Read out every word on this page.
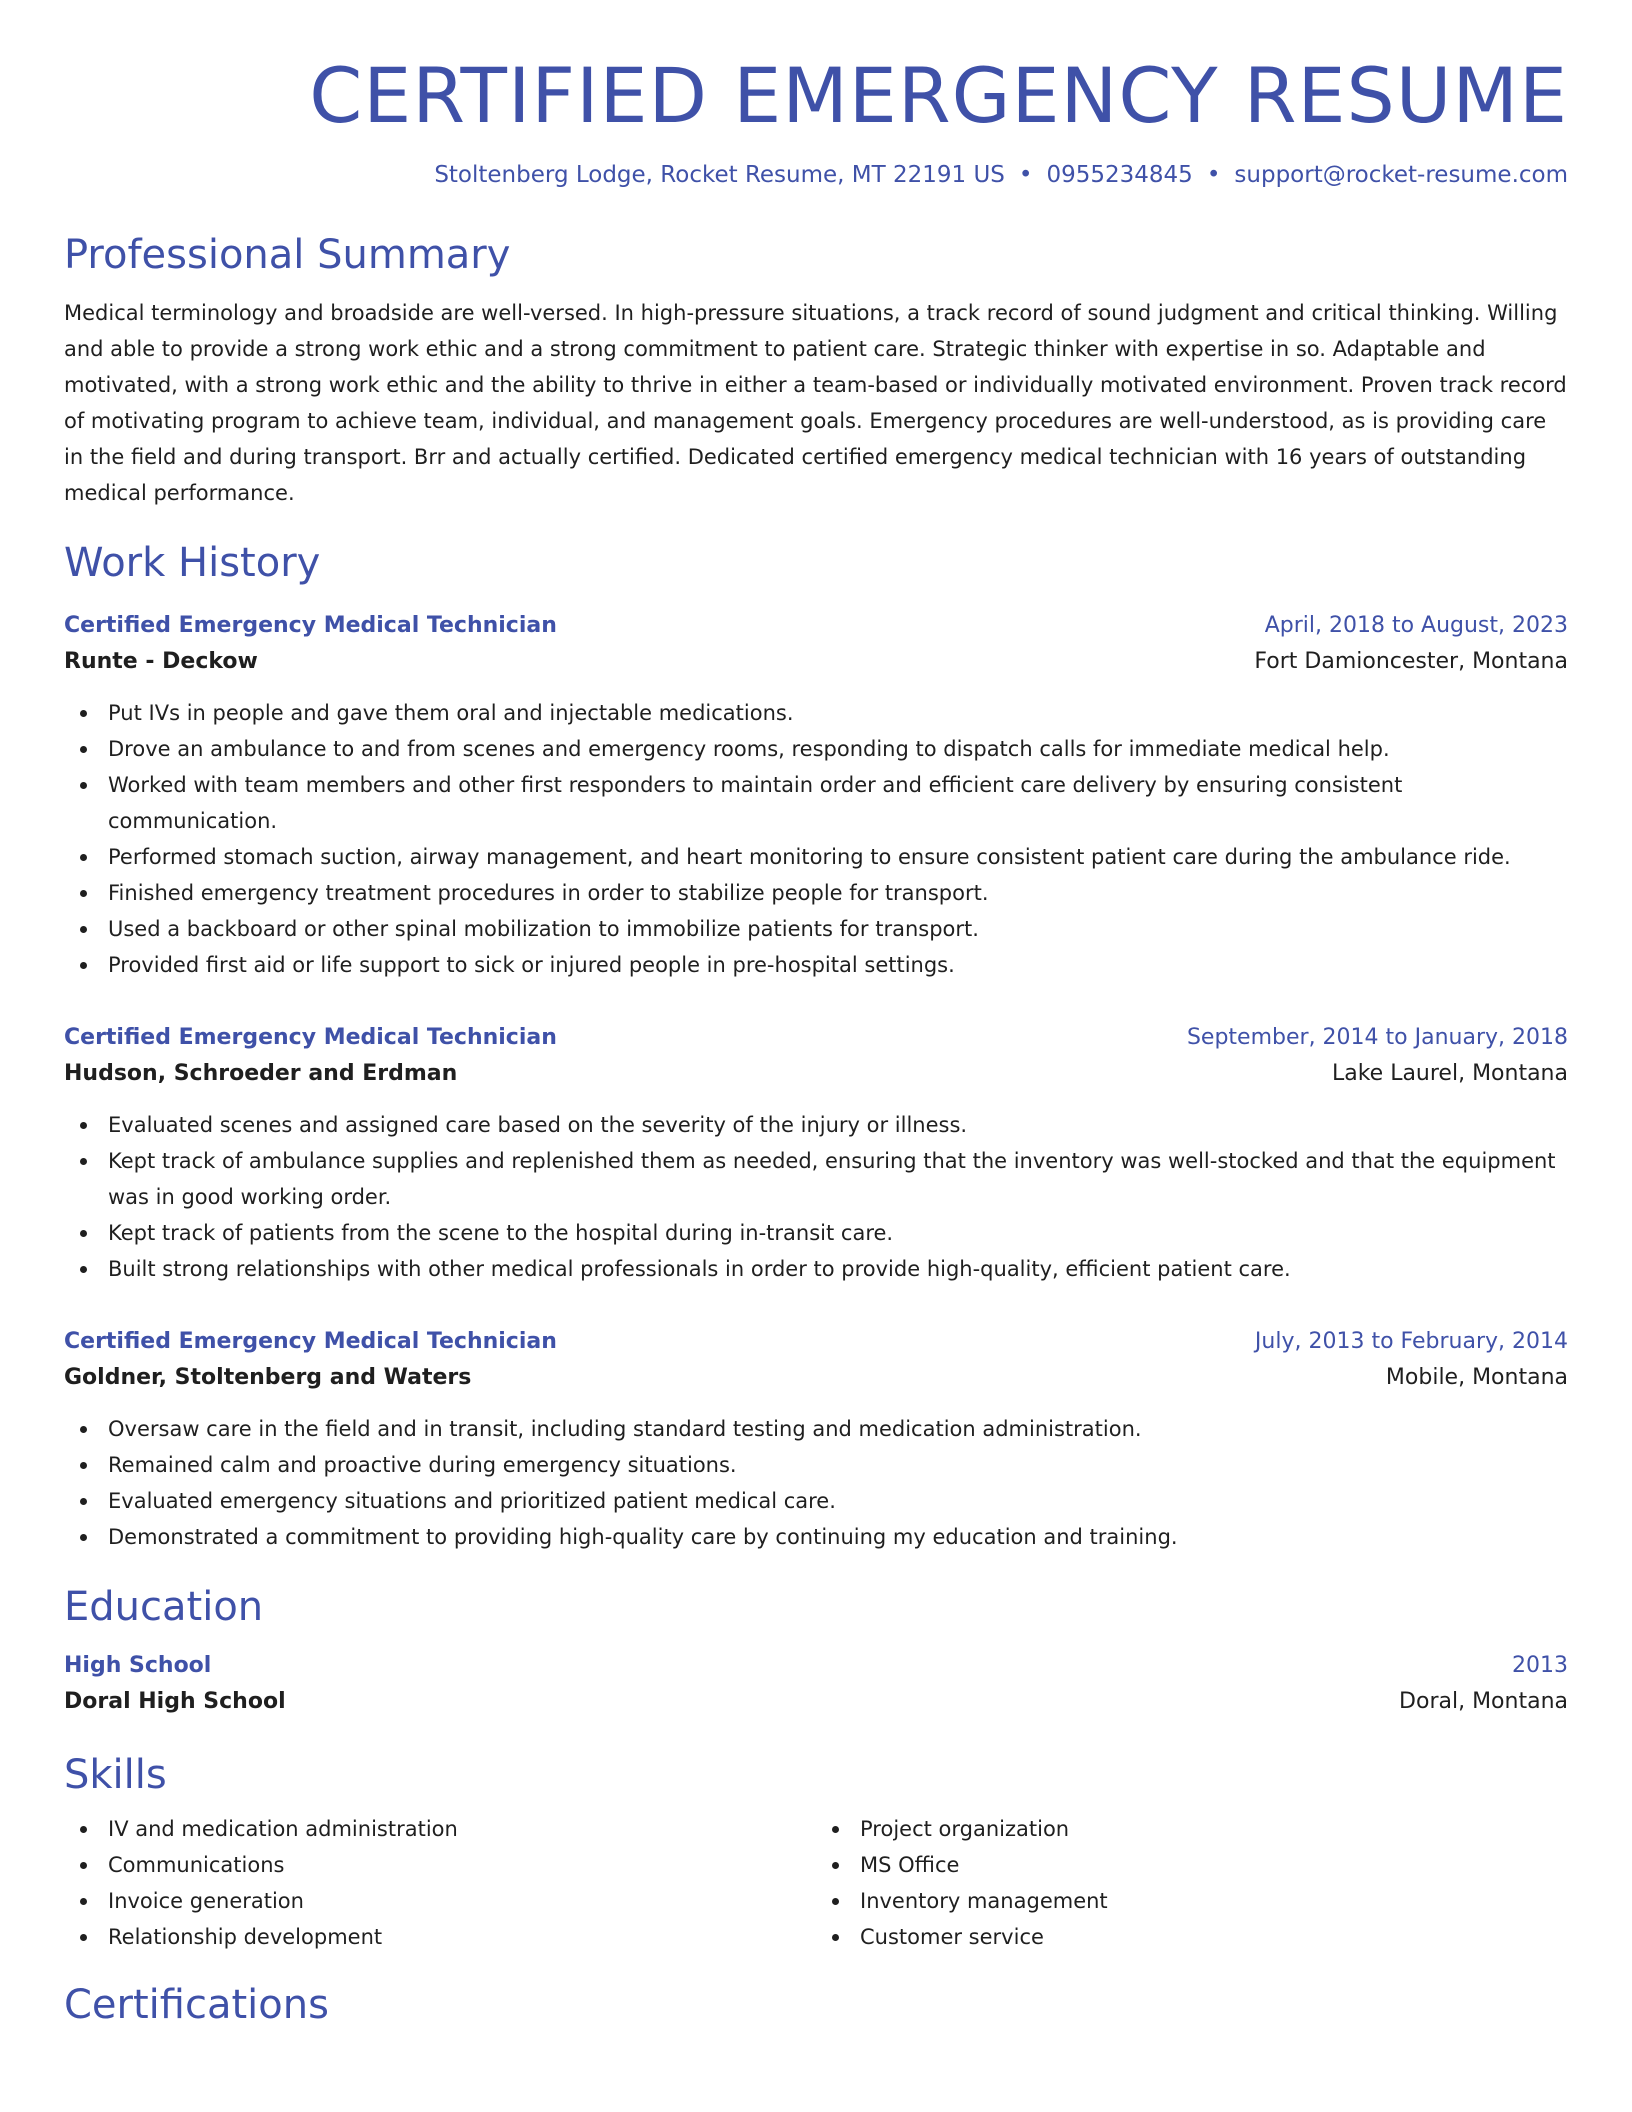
CERTIFIED EMERGENCY RESUME
Stoltenberg Lodge, Rocket Resume, MT 22191 US • 0955234845 • support@rocket-resume.com
Professional Summary

Medical terminology and broadside are well-versed. In high-pressure situations, a track record of sound judgment and critical thinking. Willing and able to provide a strong work ethic and a strong commitment to patient care. Strategic thinker with expertise in so. Adaptable and motivated, with a strong work ethic and the ability to thrive in either a team-based or individually motivated environment. Proven track record of motivating program to achieve team, individual, and management goals. Emergency procedures are well-understood, as is providing care in the field and during transport. Brr and actually certified. Dedicated certified emergency medical technician with 16 years of outstanding medical performance.

Work History
Certified Emergency Medical Technician	April, 2018 to August, 2023
Runte - Deckow	Fort Damioncester, Montana
Put IVs in people and gave them oral and injectable medications.
Drove an ambulance to and from scenes and emergency rooms, responding to dispatch calls for immediate medical help.
Worked with team members and other first responders to maintain order and efficient care delivery by ensuring consistent communication.
Performed stomach suction, airway management, and heart monitoring to ensure consistent patient care during the ambulance ride.
Finished emergency treatment procedures in order to stabilize people for transport.
Used a backboard or other spinal mobilization to immobilize patients for transport.
Provided first aid or life support to sick or injured people in pre-hospital settings.
Certified Emergency Medical Technician	September, 2014 to January, 2018
Hudson, Schroeder and Erdman	Lake Laurel, Montana
Evaluated scenes and assigned care based on the severity of the injury or illness.
Kept track of ambulance supplies and replenished them as needed, ensuring that the inventory was well-stocked and that the equipment was in good working order.
Kept track of patients from the scene to the hospital during in-transit care.
Built strong relationships with other medical professionals in order to provide high-quality, efficient patient care.
Certified Emergency Medical Technician	July, 2013 to February, 2014
Goldner, Stoltenberg and Waters	Mobile, Montana
Oversaw care in the field and in transit, including standard testing and medication administration.
Remained calm and proactive during emergency situations.
Evaluated emergency situations and prioritized patient medical care.
Demonstrated a commitment to providing high-quality care by continuing my education and training.
Education
High School	2013
Doral High School	Doral, Montana
Skills
IV and medication administration
Communications
Invoice generation
Relationship development
Project organization
MS Office
Inventory management
Customer service
Certifications
